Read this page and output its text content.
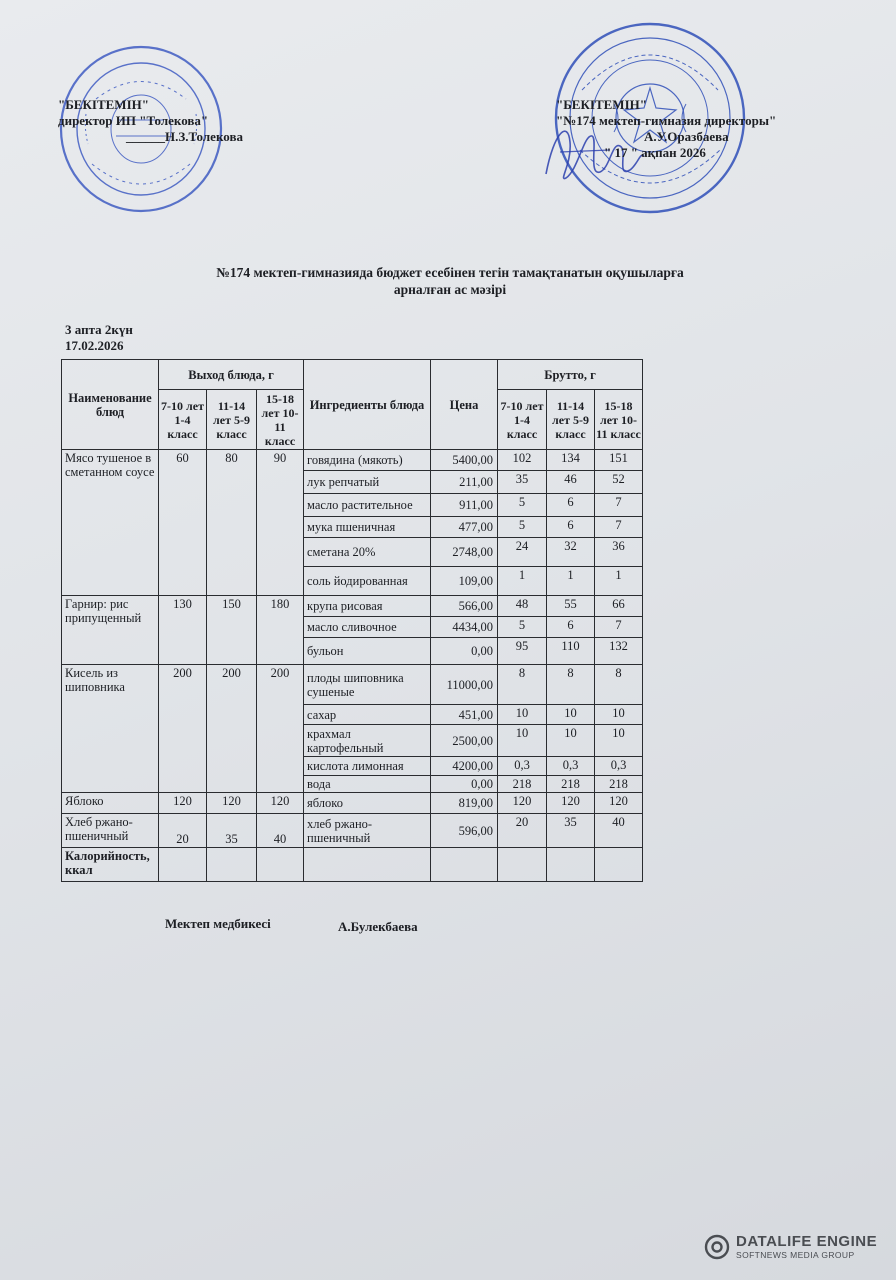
"БЕКІТЕМІН"
директор ИП "Толекова"
______Н.З.Толекова
"БЕКІТЕМІН"
"№174 мектеп-гимназия директоры"
А.У.Оразбаева
" 17 " ақпан 2026
№174 мектеп-гимназияда бюджет есебінен тегін тамақтанатын оқушыларға
арналған ас мәзірі
3 апта 2күн
17.02.2026
Наименование блюд	Выход блюда, г			Ингредиенты блюда	Цена	Брутто, г		
	7-10 лет 1-4 класс	11-14 лет 5-9 класс	15-18 лет 10-11 класс			7-10 лет 1-4 класс	11-14 лет 5-9 класс	15-18 лет 10-11 класс
Мясо тушеное в сметанном соусе	60	80	90	говядина (мякоть)	5400,00	102	134	151
				лук репчатый	211,00	35	46	52
				масло растительное	911,00	5	6	7
				мука пшеничная	477,00	5	6	7
				сметана 20%	2748,00	24	32	36
				соль йодированная	109,00	1	1	1
Гарнир: рис припущенный	130	150	180	крупа рисовая	566,00	48	55	66
				масло сливочное	4434,00	5	6	7
				бульон	0,00	95	110	132
Кисель из шиповника	200	200	200	плоды шиповника сушеные	11000,00	8	8	8
				сахар	451,00	10	10	10
				крахмал картофельный	2500,00	10	10	10
				кислота лимонная	4200,00	0,3	0,3	0,3
				вода	0,00	218	218	218
Яблоко	120	120	120	яблоко	819,00	120	120	120
Хлеб ржано-пшеничный	20	35	40	хлеб ржано-пшеничный	596,00	20	35	40
Калорийность, ккал								
Мектеп медбикесі	А.Булекбаева
DATALIFE ENGINE
SOFTNEWS MEDIA GROUP
